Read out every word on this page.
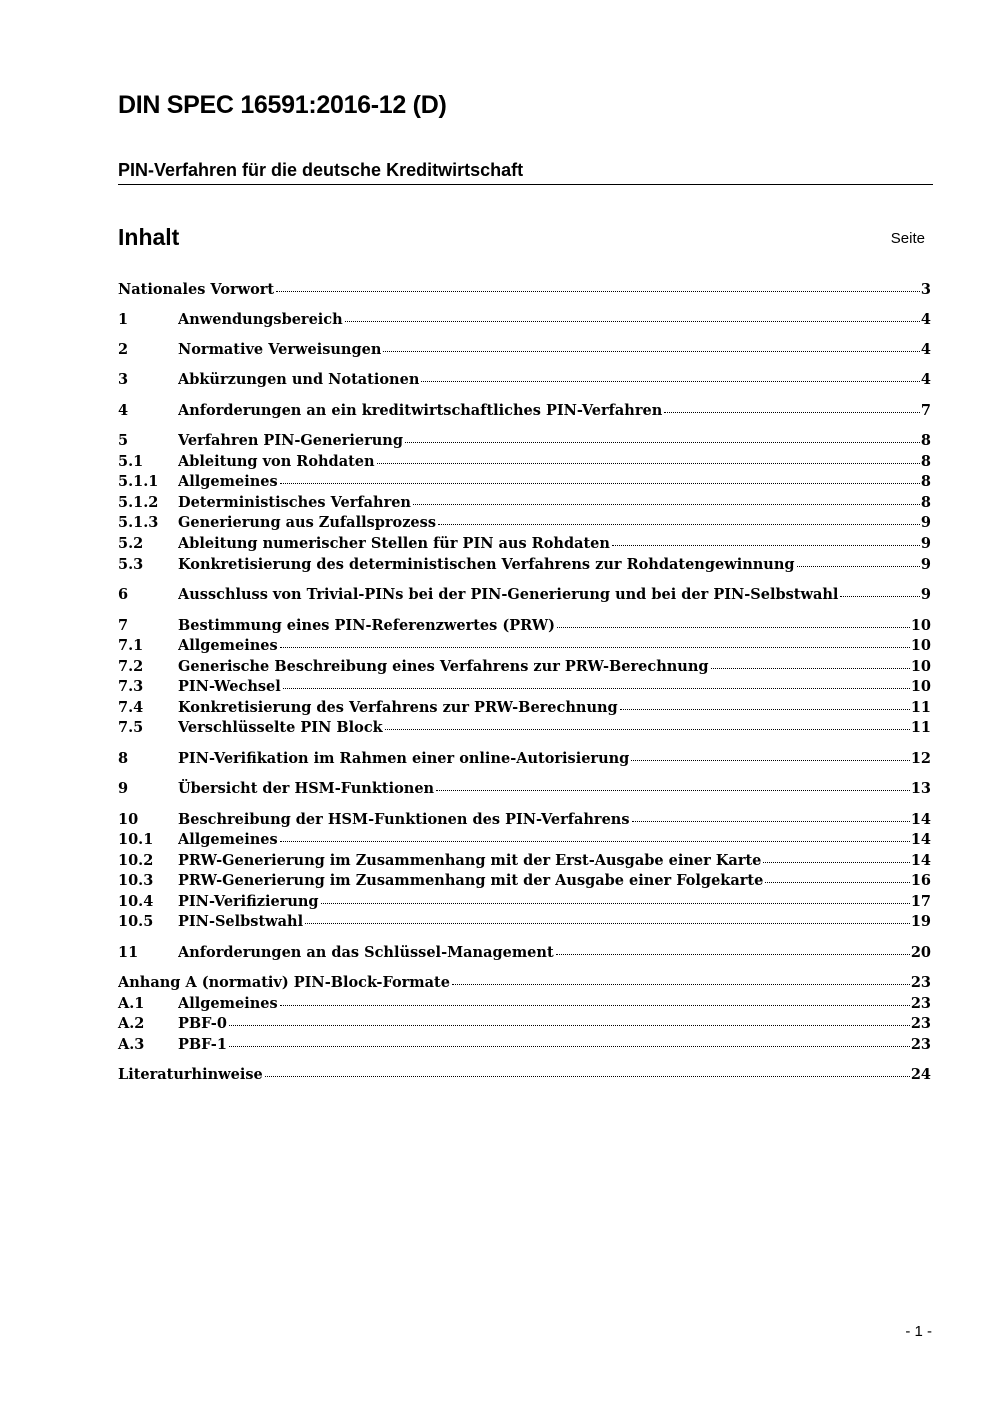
DIN SPEC 16591:2016-12 (D)
PIN-Verfahren für die deutsche Kreditwirtschaft
Inhalt	Seite
Nationales Vorwort	3
1	Anwendungsbereich	4
2	Normative Verweisungen	4
3	Abkürzungen und Notationen	4
4	Anforderungen an ein kreditwirtschaftliches PIN-Verfahren	7
5	Verfahren PIN-Generierung	8
5.1	Ableitung von Rohdaten	8
5.1.1	Allgemeines	8
5.1.2	Deterministisches Verfahren	8
5.1.3	Generierung aus Zufallsprozess	9
5.2	Ableitung numerischer Stellen für PIN aus Rohdaten	9
5.3	Konkretisierung des deterministischen Verfahrens zur Rohdatengewinnung	9
6	Ausschluss von Trivial-PINs bei der PIN-Generierung und bei der PIN-Selbstwahl	9
7	Bestimmung eines PIN-Referenzwertes (PRW)	10
7.1	Allgemeines	10
7.2	Generische Beschreibung eines Verfahrens zur PRW-Berechnung	10
7.3	PIN-Wechsel	10
7.4	Konkretisierung des Verfahrens zur PRW-Berechnung	11
7.5	Verschlüsselte PIN Block	11
8	PIN-Verifikation im Rahmen einer online-Autorisierung	12
9	Übersicht der HSM-Funktionen	13
10	Beschreibung der HSM-Funktionen des PIN-Verfahrens	14
10.1	Allgemeines	14
10.2	PRW-Generierung im Zusammenhang mit der Erst-Ausgabe einer Karte	14
10.3	PRW-Generierung im Zusammenhang mit der Ausgabe einer Folgekarte	16
10.4	PIN-Verifizierung	17
10.5	PIN-Selbstwahl	19
11	Anforderungen an das Schlüssel-Management	20
Anhang A (normativ) PIN-Block-Formate	23
A.1	Allgemeines	23
A.2	PBF-0	23
A.3	PBF-1	23
Literaturhinweise	24
- 1 -
